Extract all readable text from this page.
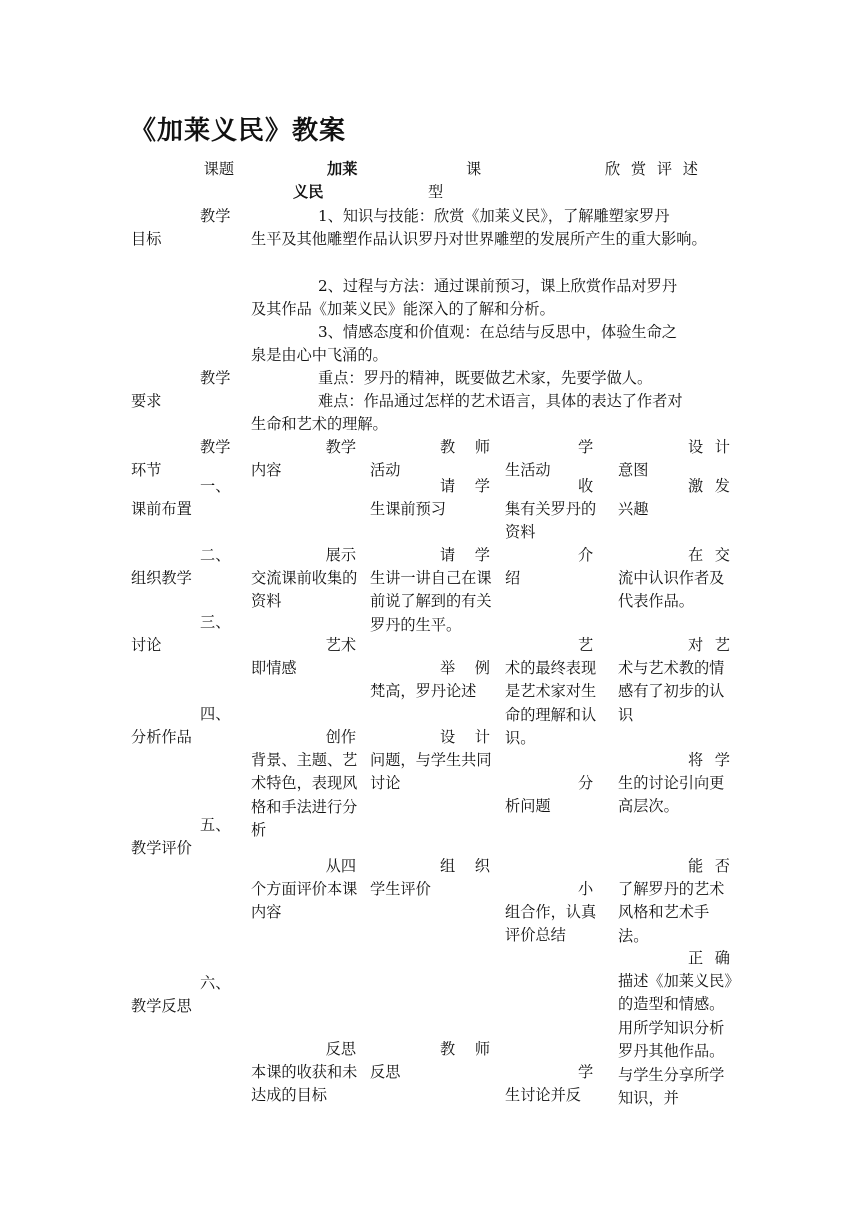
《加莱义民》教案
课题	加莱
义民
课
型
欣 赏 评 述
教学
目标
1、知识与技能：欣赏《加莱义民》，了解雕塑家罗丹
生平及其他雕塑作品认识罗丹对世界雕塑的发展所产生的重大影响。
2、过程与方法：通过课前预习，课上欣赏作品对罗丹
及其作品《加莱义民》能深入的了解和分析。
3、情感态度和价值观：在总结与反思中，体验生命之
泉是由心中飞涌的。
教学
要求
重点：罗丹的精神，既要做艺术家，先要学做人。
难点：作品通过怎样的艺术语言，具体的表达了作者对
生命和艺术的理解。
教学
环节
教学
内容
教　师
活动
学
生活动
设 计
意图
一、
课前布置
二、
组织教学
三、
讨论
四、
分析作品
五、
教学评价
六、
教学反思
展示
交流课前收集的资料
艺术
即情感
创作
背景、主题、艺术特色，表现风格和手法进行分析
从四
个方面评价本课内容
反思
本课的收获和未达成的目标
请 学
生课前预习
请 学
生讲一讲自己在课前说了解到的有关罗丹的生平。
举 例
梵高，罗丹论述
设 计
问题，与学生共同讨论
组 织
学生评价
教　师
反思
收
集有关罗丹的资料
介
绍
艺
术的最终表现是艺术家对生命的理解和认识。
分
析问题
小
组合作，认真评价总结
学
生讨论并反
激 发
兴趣
在 交
流中认识作者及代表作品。
对 艺
术与艺术教的情感有了初步的认识
将 学
生的讨论引向更高层次。
能 否
了解罗丹的艺术风格和艺术手法。
正 确
描述《加莱义民》的造型和情感。用所学知识分析罗丹其他作品。与学生分享所学知识，并
